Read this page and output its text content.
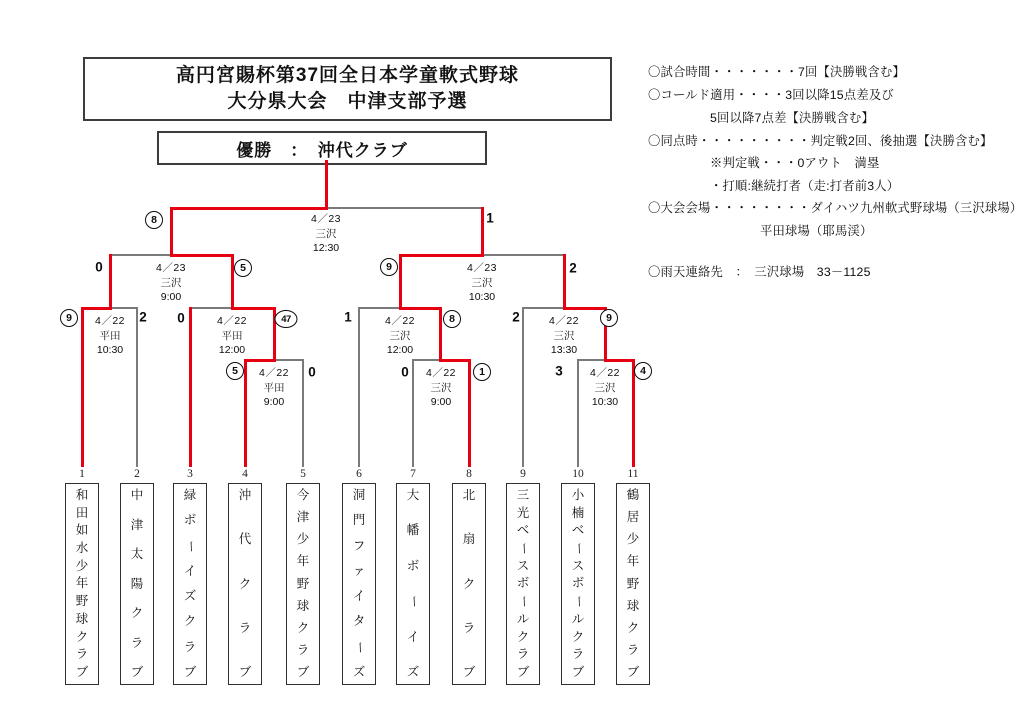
高円宮賜杯第37回全日本学童軟式野球
大分県大会　中津支部予選
優勝　：　沖代クラブ
〇試合時間・・・・・・・7回【決勝戦含む】
〇コールド適用・・・・3回以降15点差及び
5回以降7点差【決勝戦含む】
〇同点時・・・・・・・・・判定戦2回、後抽選【決勝含む】
※判定戦・・・0アウト　満塁
・打順:継続打者（走:打者前3人）
〇大会会場・・・・・・・・ダイハツ九州軟式野球場（三沢球場）
平田球場（耶馬渓）
〇雨天連絡先　：　三沢球場　33－1125
4／23
三沢
12:30
8	1
4／23
三沢
9:00
0	5	4／23
三沢
10:30
9	2
4／22
平田
10:30
9	2	4／22
平田
12:00
0	47	4／22
三沢
12:00
1	8	4／22
三沢
13:30
2	9
4／22
平田
9:00
5	0	4／22
三沢
9:00
0	1	4／22
三沢
10:30
3	4
1
和
田
如
水
少
年
野
球
ク
ラ
ブ
2
中
津
太
陽
ク
ラ
ブ
3
緑
ボ
ー
イ
ズ
ク
ラ
ブ
4
沖
代
ク
ラ
ブ
5
今
津
少
年
野
球
ク
ラ
ブ
6
洞
門
フ
ァ
イ
タ
ー
ズ
7
大
幡
ボ
ー
イ
ズ
8
北
扇
ク
ラ
ブ
9
三
光
ベ
ー
ス
ボ
ー
ル
ク
ラ
ブ
10
小
楠
ベ
ー
ス
ボ
ー
ル
ク
ラ
ブ
11
鶴
居
少
年
野
球
ク
ラ
ブ
